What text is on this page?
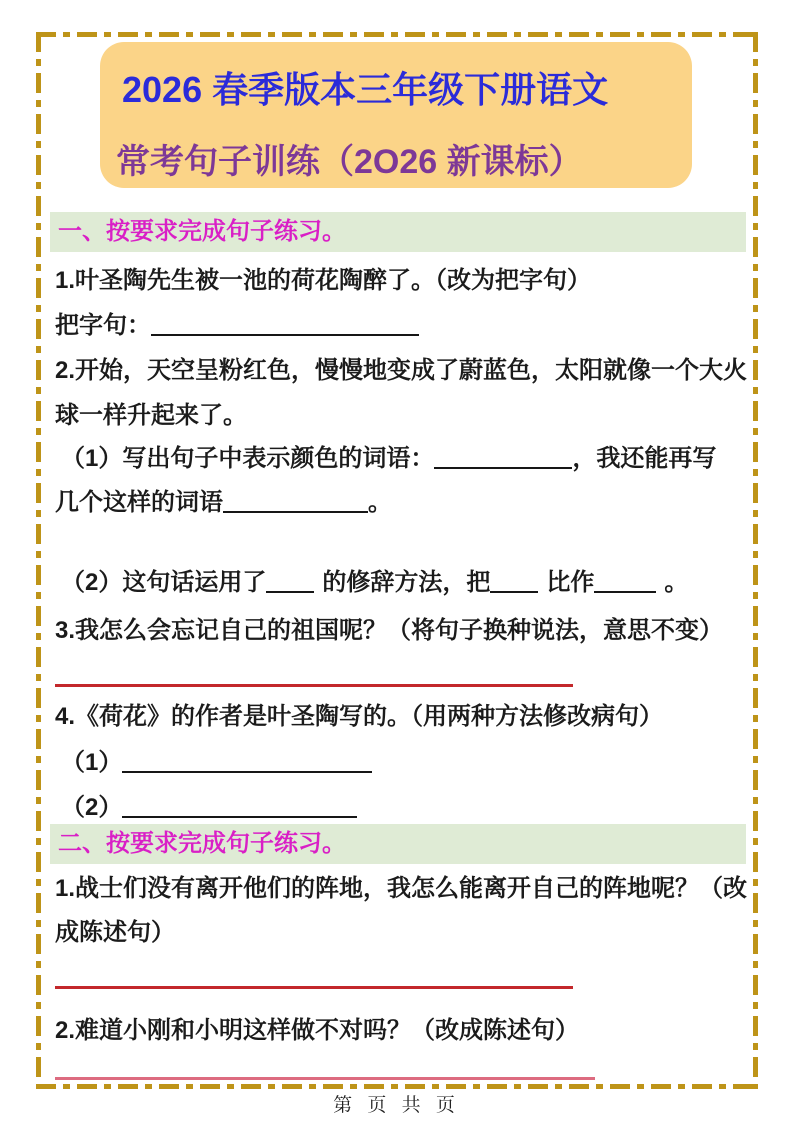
2026 春季版本三年级下册语文
常考句子训练（2O26 新课标）
一、按要求完成句子练习。
1.叶圣陶先生被一池的荷花陶醉了。（改为把字句）
把字句：
2.开始，天空呈粉红色，慢慢地变成了蔚蓝色，太阳就像一个大火
球一样升起来了。
（1）写出句子中表示颜色的词语：	，我还能再写
几个这样的词语	。
（2）这句话运用了 的修辞方法，把 比作	。
3.我怎么会忘记自己的祖国呢？（将句子换种说法，意思不变）
4.《荷花》的作者是叶圣陶写的。（用两种方法修改病句）
（1）
（2）
二、按要求完成句子练习。
1.战士们没有离开他们的阵地，我怎么能离开自己的阵地呢？（改
成陈述句）
2.难道小刚和小明这样做不对吗？（改成陈述句）
第 页 共 页
